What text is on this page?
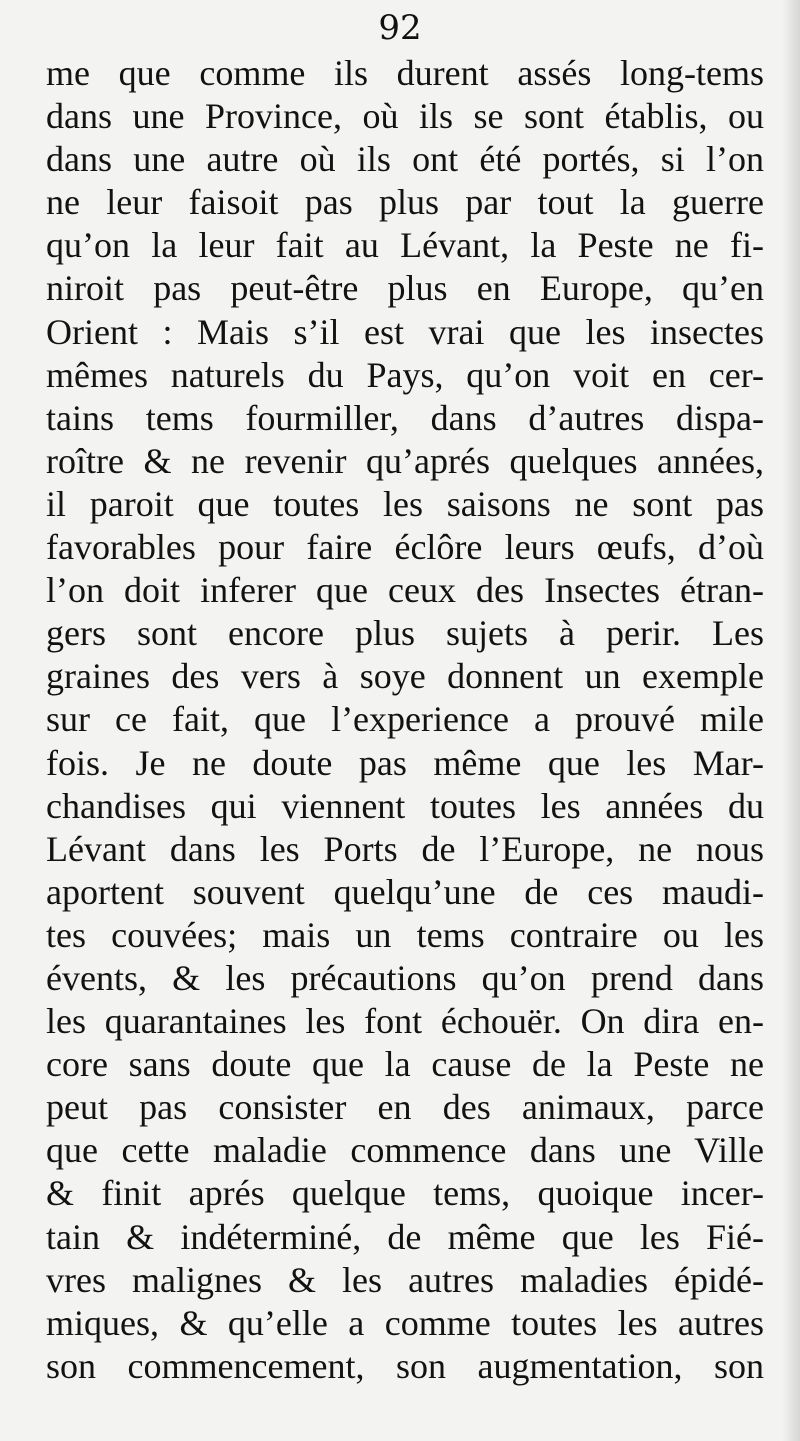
92
me que comme ils durent assés long-tems
dans une Province, où ils se sont établis, ou
dans une autre où ils ont été portés, si l’on
ne leur faisoit pas plus par tout la guerre
qu’on la leur fait au Lévant, la Peste ne fi-
niroit pas peut-être plus en Europe, qu’en
Orient : Mais s’il est vrai que les insectes
mêmes naturels du Pays, qu’on voit en cer-
tains tems fourmiller, dans d’autres dispa-
roître & ne revenir qu’aprés quelques années,
il paroit que toutes les saisons ne sont pas
favorables pour faire éclôre leurs œufs, d’où
l’on doit inferer que ceux des Insectes étran-
gers sont encore plus sujets à perir. Les
graines des vers à soye donnent un exemple
sur ce fait, que l’experience a prouvé mile
fois. Je ne doute pas même que les Mar-
chandises qui viennent toutes les années du
Lévant dans les Ports de l’Europe, ne nous
aportent souvent quelqu’une de ces maudi-
tes couvées; mais un tems contraire ou les
évents, & les précautions qu’on prend dans
les quarantaines les font échouër. On dira en-
core sans doute que la cause de la Peste ne
peut pas consister en des animaux, parce
que cette maladie commence dans une Ville
& finit aprés quelque tems, quoique incer-
tain & indéterminé, de même que les Fié-
vres malignes & les autres maladies épidé-
miques, & qu’elle a comme toutes les autres
son commencement, son augmentation, son
